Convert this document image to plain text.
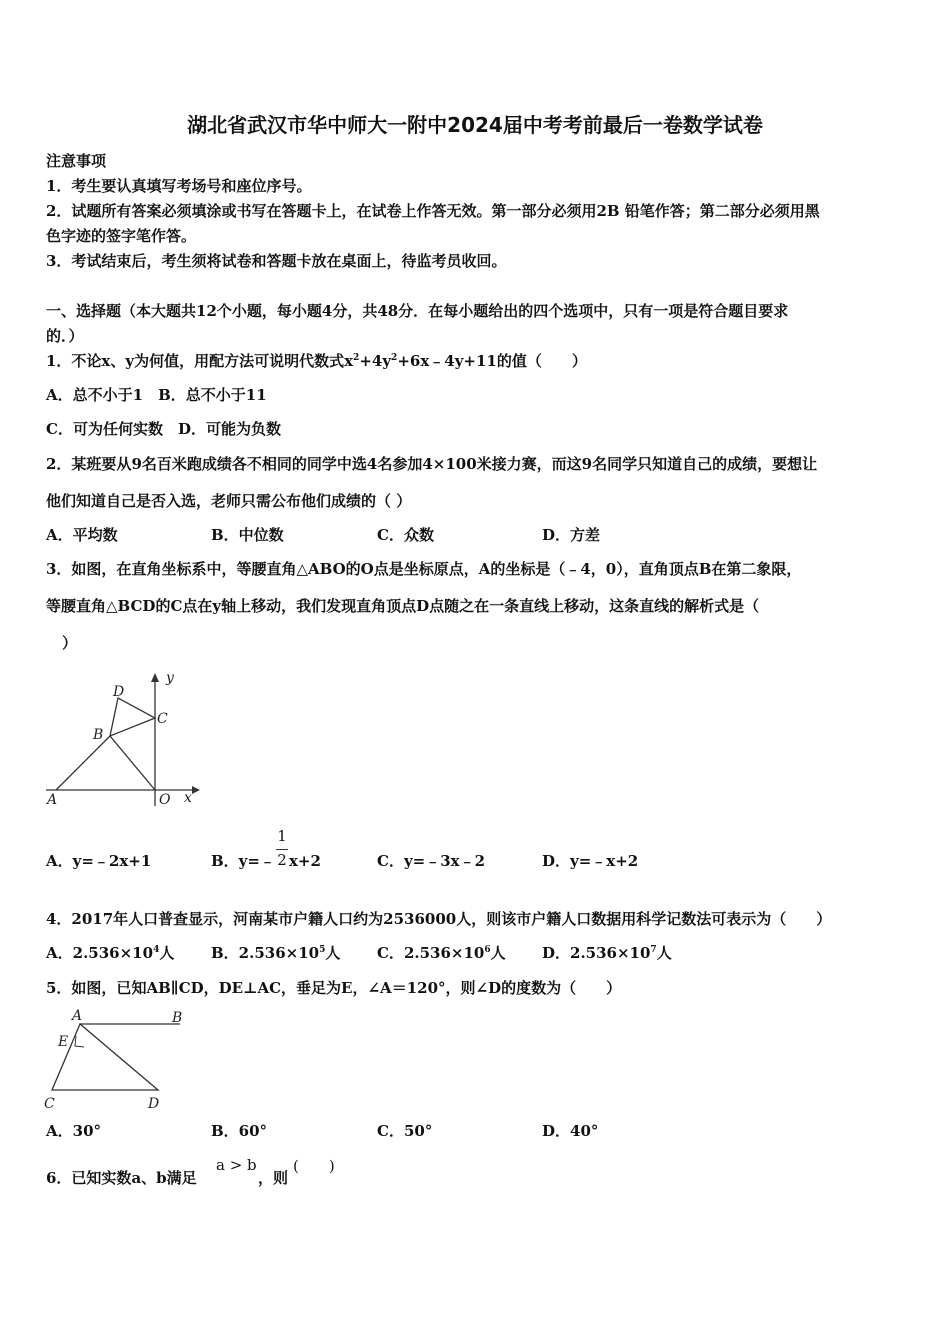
湖北省武汉市华中师大一附中2024届中考考前最后一卷数学试卷
注意事项
1．考生要认真填写考场号和座位序号。
2．试题所有答案必须填涂或书写在答题卡上，在试卷上作答无效。第一部分必须用2B 铅笔作答；第二部分必须用黑
色字迹的签字笔作答。
3．考试结束后，考生须将试卷和答题卡放在桌面上，待监考员收回。
一、选择题（本大题共12个小题，每小题4分，共48分．在每小题给出的四个选项中，只有一项是符合题目要求
的．）
1．不论x、y为何值，用配方法可说明代数式$x^2+4y^2+6x﹣4y+11$的值（　　）
A．总不小于1　B．总不小于11
C．可为任何实数　D．可能为负数
2．某班要从9名百米跑成绩各不相同的同学中选4名参加4×100米接力赛，而这9名同学只知道自己的成绩，要想让
他们知道自己是否入选，老师只需公布他们成绩的（ ）
A．平均数	B．中位数	C．众数	D．方差
3．如图，在直角坐标系中，等腰直角△ABO的O点是坐标原点，A的坐标是（﹣4，0），直角顶点B在第二象限，
等腰直角△BCD的C点在y轴上移动，我们发现直角顶点D点随之在一条直线上移动，这条直线的解析式是（
）
D
y
C
B
A	O x
A．y=﹣2x+1	B．y=﹣ x+2
1
2	C．y=﹣3x﹣2	D．y=﹣x+2
4．2017年人口普查显示，河南某市户籍人口约为2536000人，则该市户籍人口数据用科学记数法可表示为（　　）
A．$2.536\times 10^4$人 B．$2.536\times 10^5$人 C．$2.536\times 10^6$人 D．$2.536\times 10^7$人
5．如图，已知AB∥CD，DE⊥AC，垂足为E，∠A＝120°，则∠D的度数为（　　）
A	B
E
C	D
A．30°	B．60°	C．50°	D．40°
6．已知实数a、b满足
a > b
，则
(　　)
